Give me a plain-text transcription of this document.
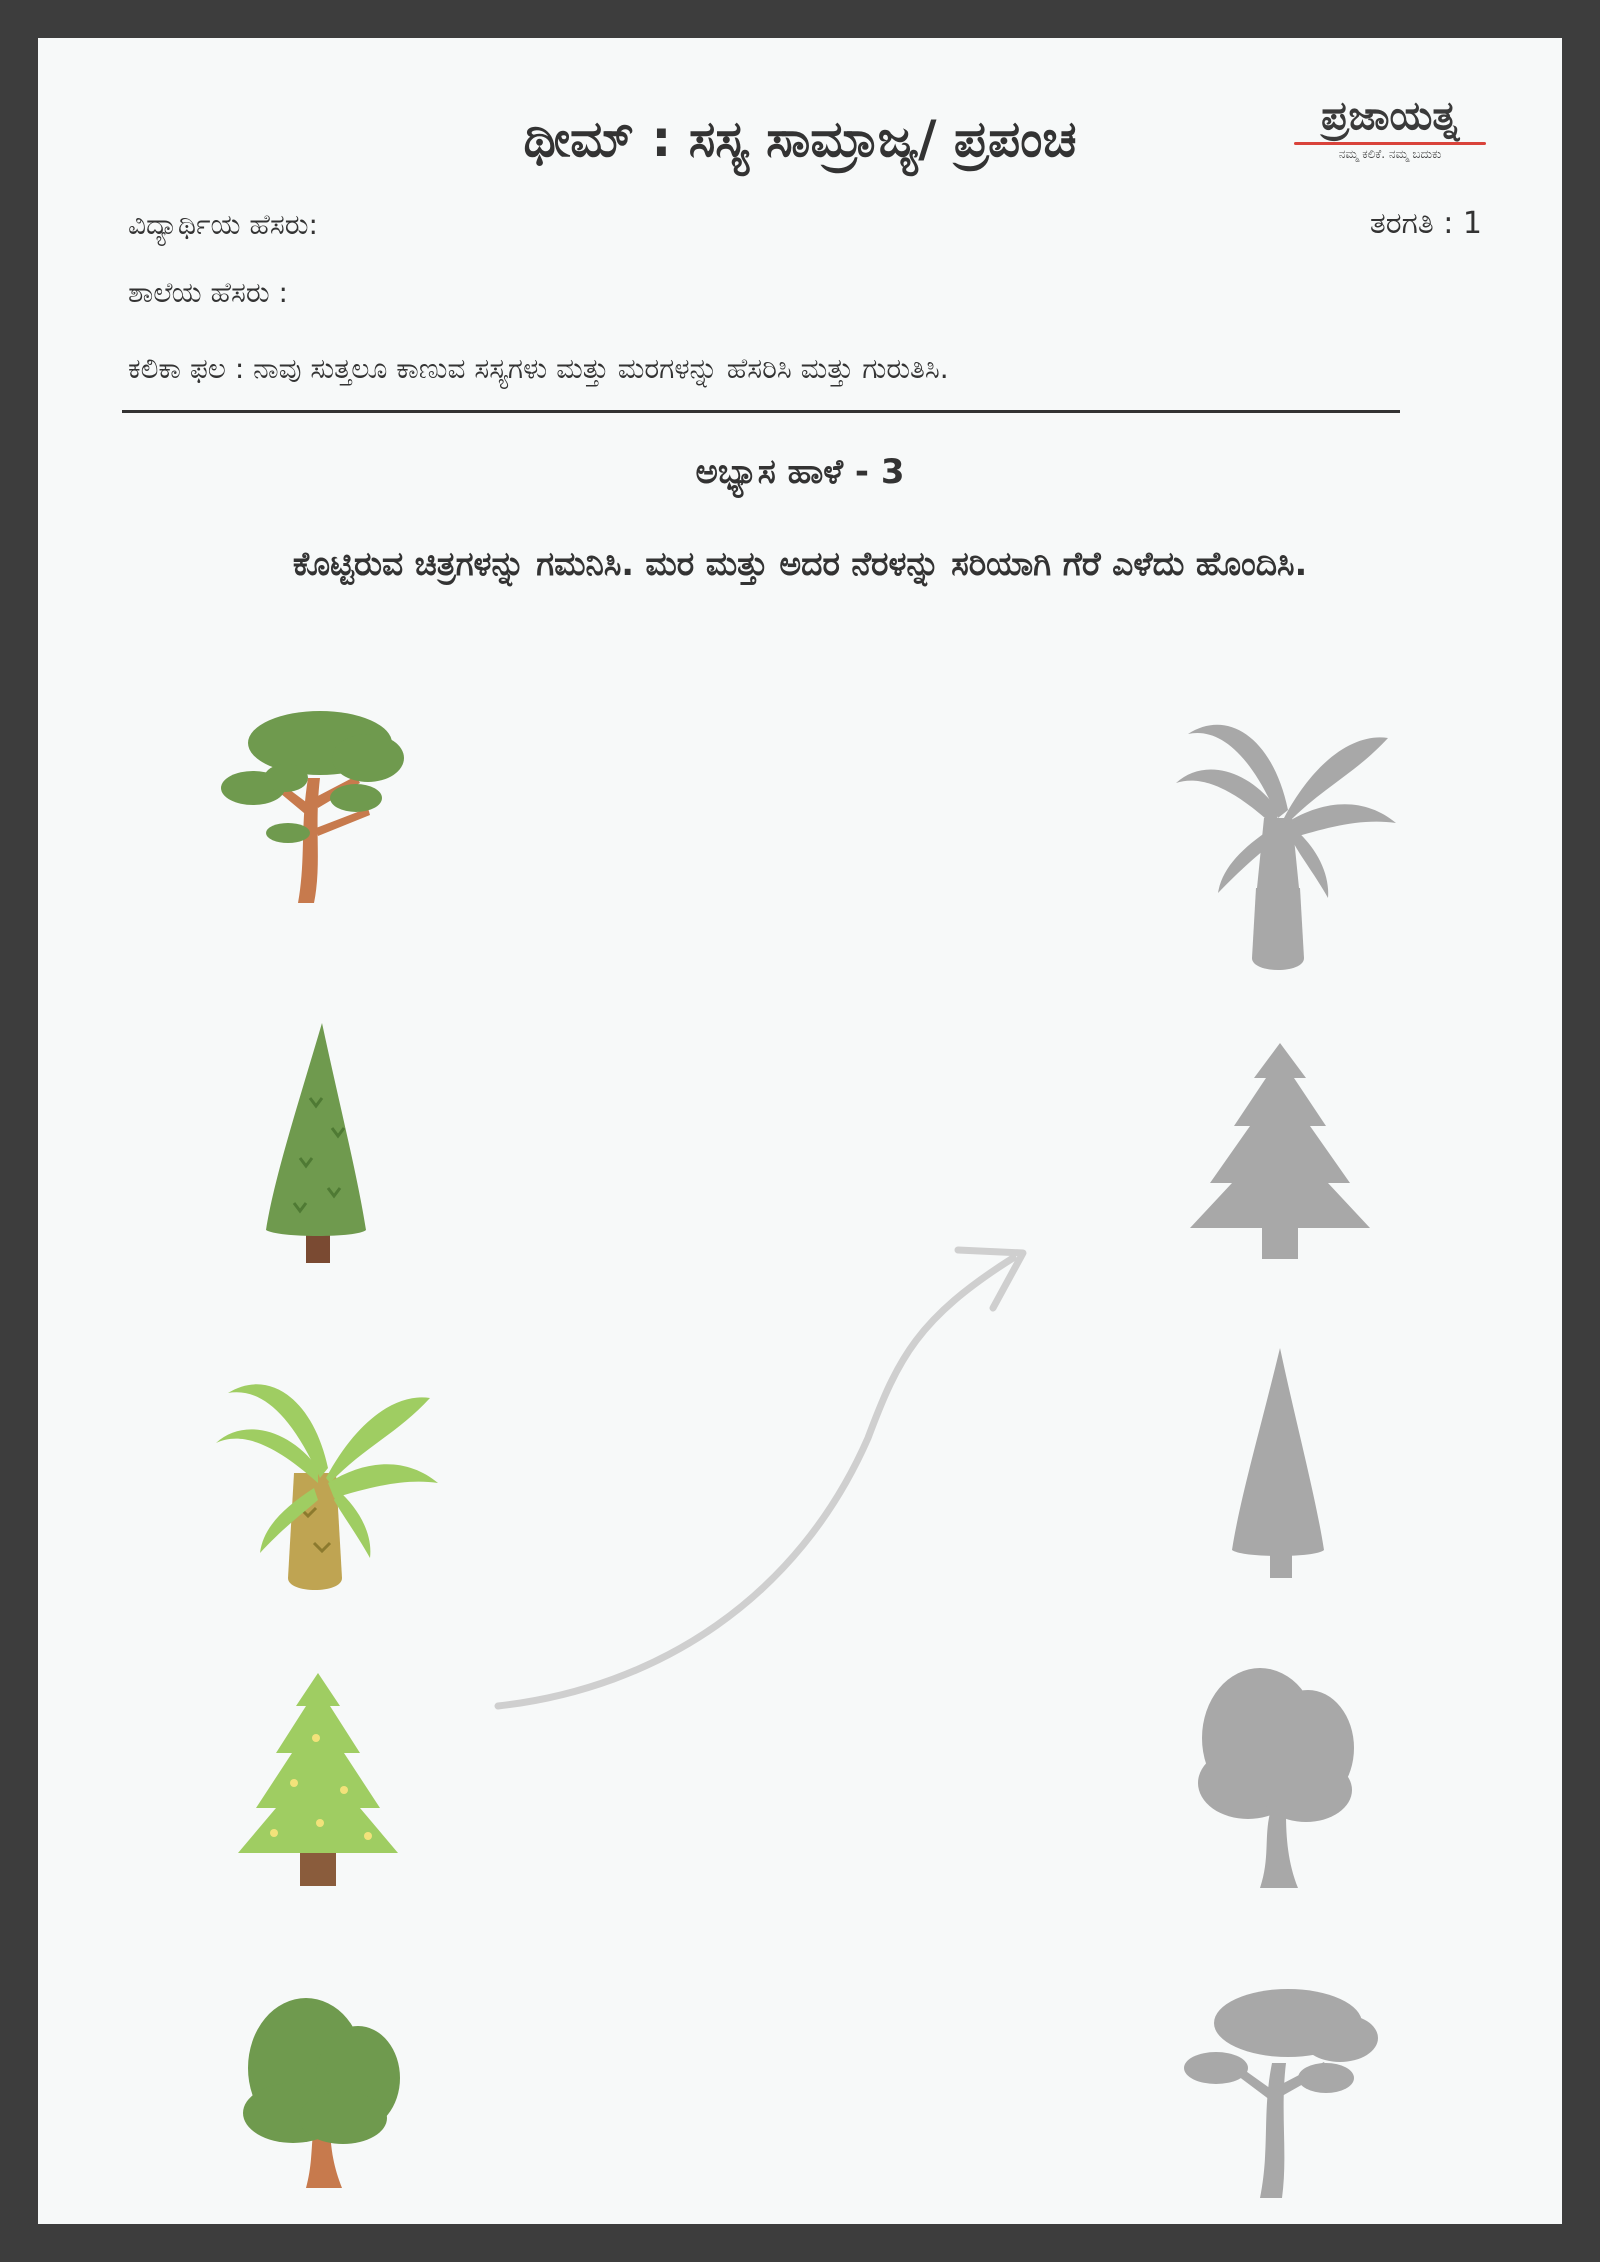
ಥೀಮ್ : ಸಸ್ಯ ಸಾಮ್ರಾಜ್ಯ/ ಪ್ರಪಂಚ	ಪ್ರಜಾಯತ್ನ
ನಮ್ಮ ಕಲಿಕೆ. ನಮ್ಮ ಬದುಕು
ವಿದ್ಯಾರ್ಥಿಯ ಹೆಸರು:	ತರಗತಿ : 1
ಶಾಲೆಯ ಹೆಸರು :
ಕಲಿಕಾ ಫಲ : ನಾವು ಸುತ್ತಲೂ ಕಾಣುವ ಸಸ್ಯಗಳು ಮತ್ತು ಮರಗಳನ್ನು ಹೆಸರಿಸಿ ಮತ್ತು ಗುರುತಿಸಿ.
ಅಭ್ಯಾಸ ಹಾಳೆ - 3
ಕೊಟ್ಟಿರುವ ಚಿತ್ರಗಳನ್ನು ಗಮನಿಸಿ. ಮರ ಮತ್ತು ಅದರ ನೆರಳನ್ನು ಸರಿಯಾಗಿ ಗೆರೆ ಎಳೆದು ಹೊಂದಿಸಿ.
